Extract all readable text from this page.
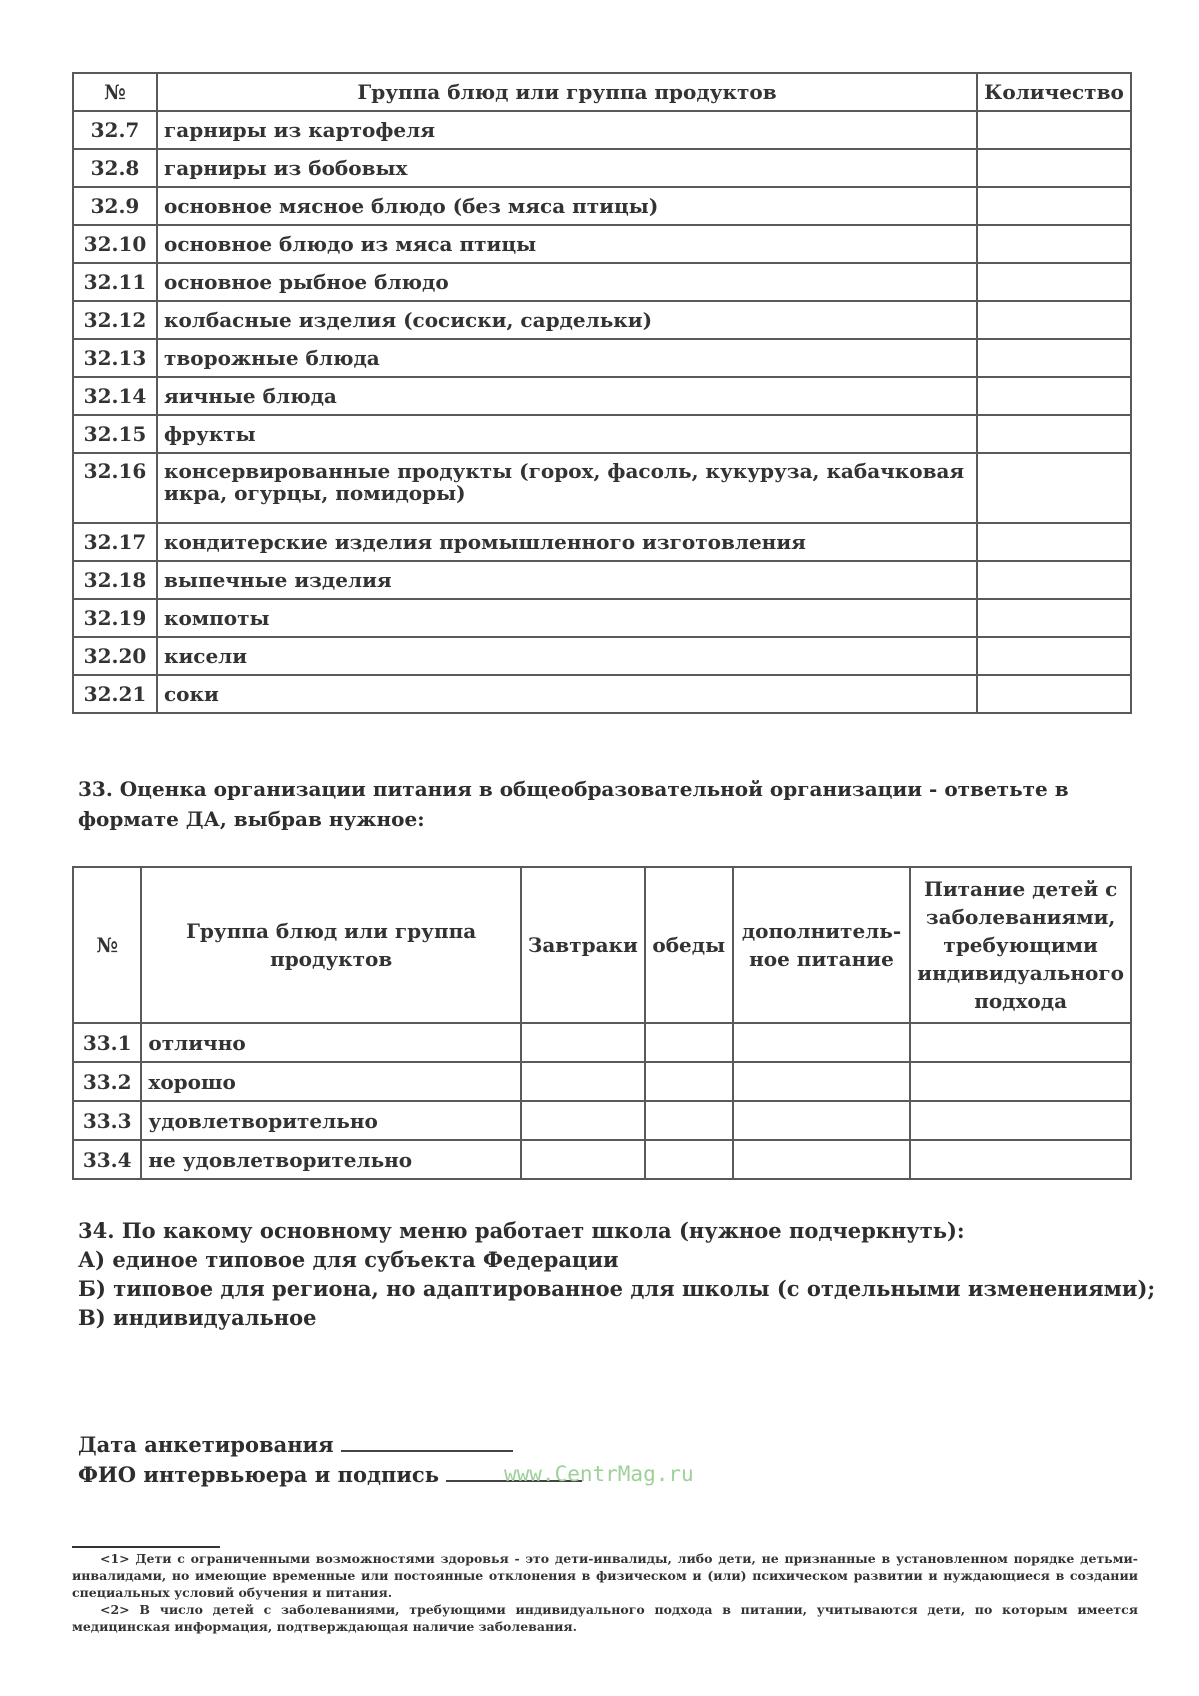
№	Группа блюд или группа продуктов	Количество
32.7	гарниры из картофеля	
32.8	гарниры из бобовых	
32.9	основное мясное блюдо (без мяса птицы)	
32.10	основное блюдо из мяса птицы	
32.11	основное рыбное блюдо	
32.12	колбасные изделия (сосиски, сардельки)	
32.13	творожные блюда	
32.14	яичные блюда	
32.15	фрукты	
32.16	консервированные продукты (горох, фасоль, кукуруза, кабачковая икра, огурцы, помидоры)	
32.17	кондитерские изделия промышленного изготовления	
32.18	выпечные изделия	
32.19	компоты	
32.20	кисели	
32.21	соки	
33. Оценка организации питания в общеобразовательной организации - ответьте в формате ДА, выбрав нужное:
№	Группа блюд или группа продуктов	Завтраки	обеды	дополнитель-ное питание	Питание детей с заболеваниями, требующими индивидуального подхода
33.1	отлично				
33.2	хорошо				
33.3	удовлетворительно				
33.4	не удовлетворительно				
34. По какому основному меню работает школа (нужное подчеркнуть):
А) единое типовое для субъекта Федерации
Б) типовое для региона, но адаптированное для школы (с отдельными изменениями);
В) индивидуальное
Дата анкетирования
ФИО интервьюера и подпись	www.CentrMag.ru

<1> Дети с ограниченными возможностями здоровья - это дети-инвалиды, либо дети, не признанные в установленном порядке детьми-инвалидами, но имеющие временные или постоянные отклонения в физическом и (или) психическом развитии и нуждающиеся в создании специальных условий обучения и питания.

<2> В число детей с заболеваниями, требующими индивидуального подхода в питании, учитываются дети, по которым имеется медицинская информация, подтверждающая наличие заболевания.
